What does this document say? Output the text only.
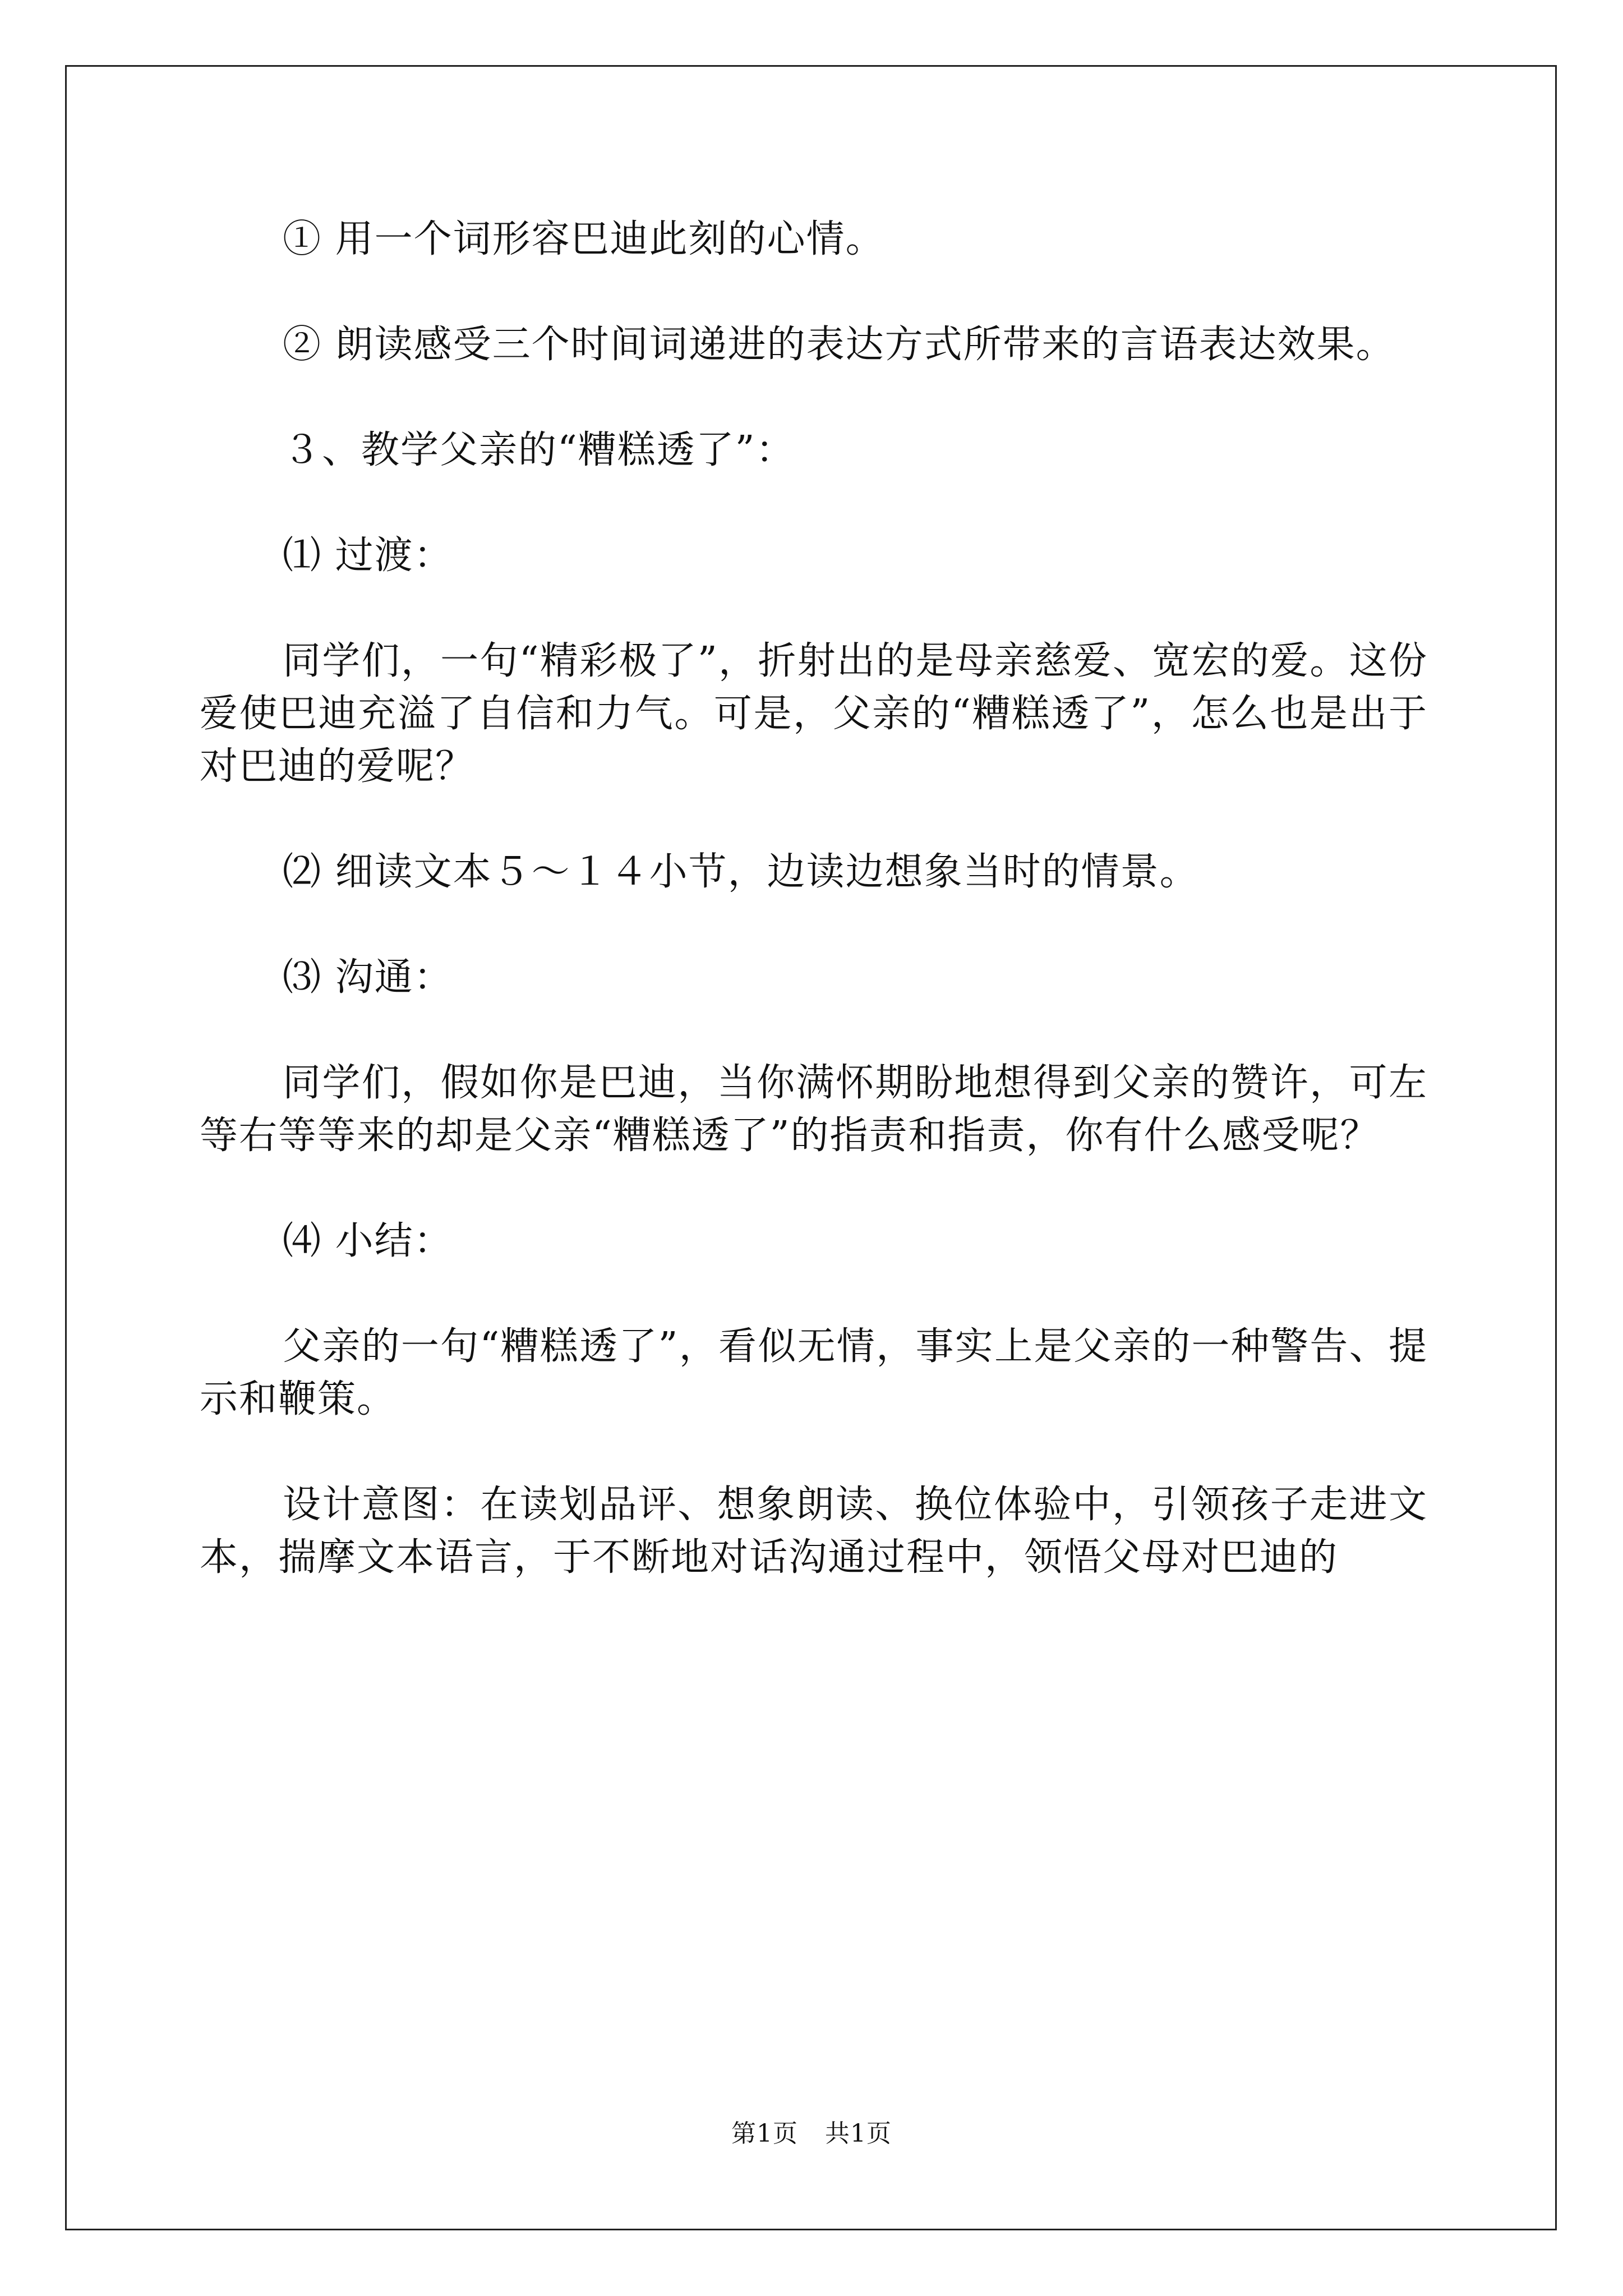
① 用一个词形容巴迪此刻的心情。

② 朗读感受三个时间词递进的表达方式所带来的言语表达效果。

３、教学父亲的“糟糕透了”：

⑴ 过渡：

同学们，一句“精彩极了”，折射出的是母亲慈爱、宽宏的爱。这份爱使巴迪充溢了自信和力气。可是，父亲的“糟糕透了”，怎么也是出于对巴迪的爱呢？

⑵ 细读文本５～１４小节，边读边想象当时的情景。

⑶ 沟通：

同学们，假如你是巴迪，当你满怀期盼地想得到父亲的赞许，可左等右等等来的却是父亲“糟糕透了”的指责和指责，你有什么感受呢？

⑷ 小结：

父亲的一句“糟糕透了”，看似无情，事实上是父亲的一种警告、提示和鞭策。

设计意图：在读划品评、想象朗读、换位体验中，引领孩子走进文本，揣摩文本语言，于不断地对话沟通过程中，领悟父母对巴迪的

第1页 共1页
